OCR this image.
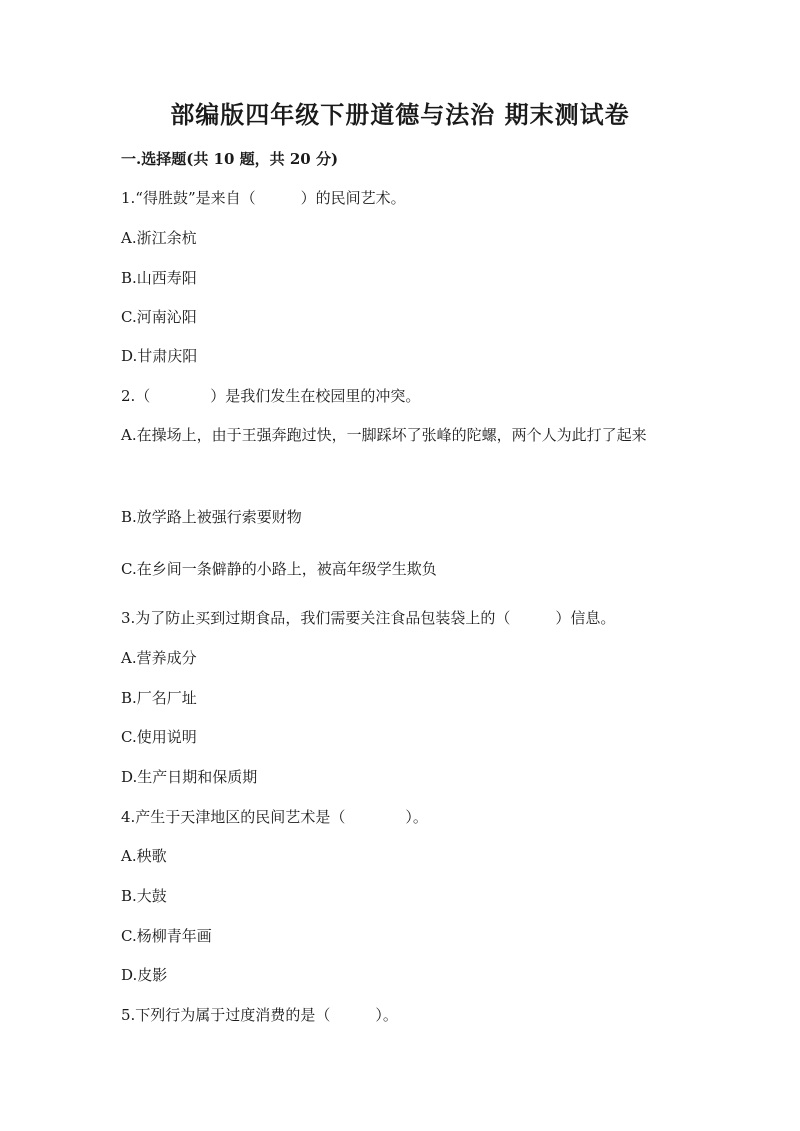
部编版四年级下册道德与法治 期末测试卷
一.选择题(共 10 题，共 20 分)
1.“得胜鼓”是来自（　　　）的民间艺术。
A.浙江余杭
B.山西寿阳
C.河南沁阳
D.甘肃庆阳
2.（　　　　）是我们发生在校园里的冲突。
A.在操场上，由于王强奔跑过快，一脚踩坏了张峰的陀螺，两个人为此打了起来
B.放学路上被强行索要财物
C.在乡间一条僻静的小路上，被高年级学生欺负
3.为了防止买到过期食品，我们需要关注食品包装袋上的（　　　）信息。
A.营养成分
B.厂名厂址
C.使用说明
D.生产日期和保质期
4.产生于天津地区的民间艺术是（　　　　）。
A.秧歌
B.大鼓
C.杨柳青年画
D.皮影
5.下列行为属于过度消费的是（　　　）。
